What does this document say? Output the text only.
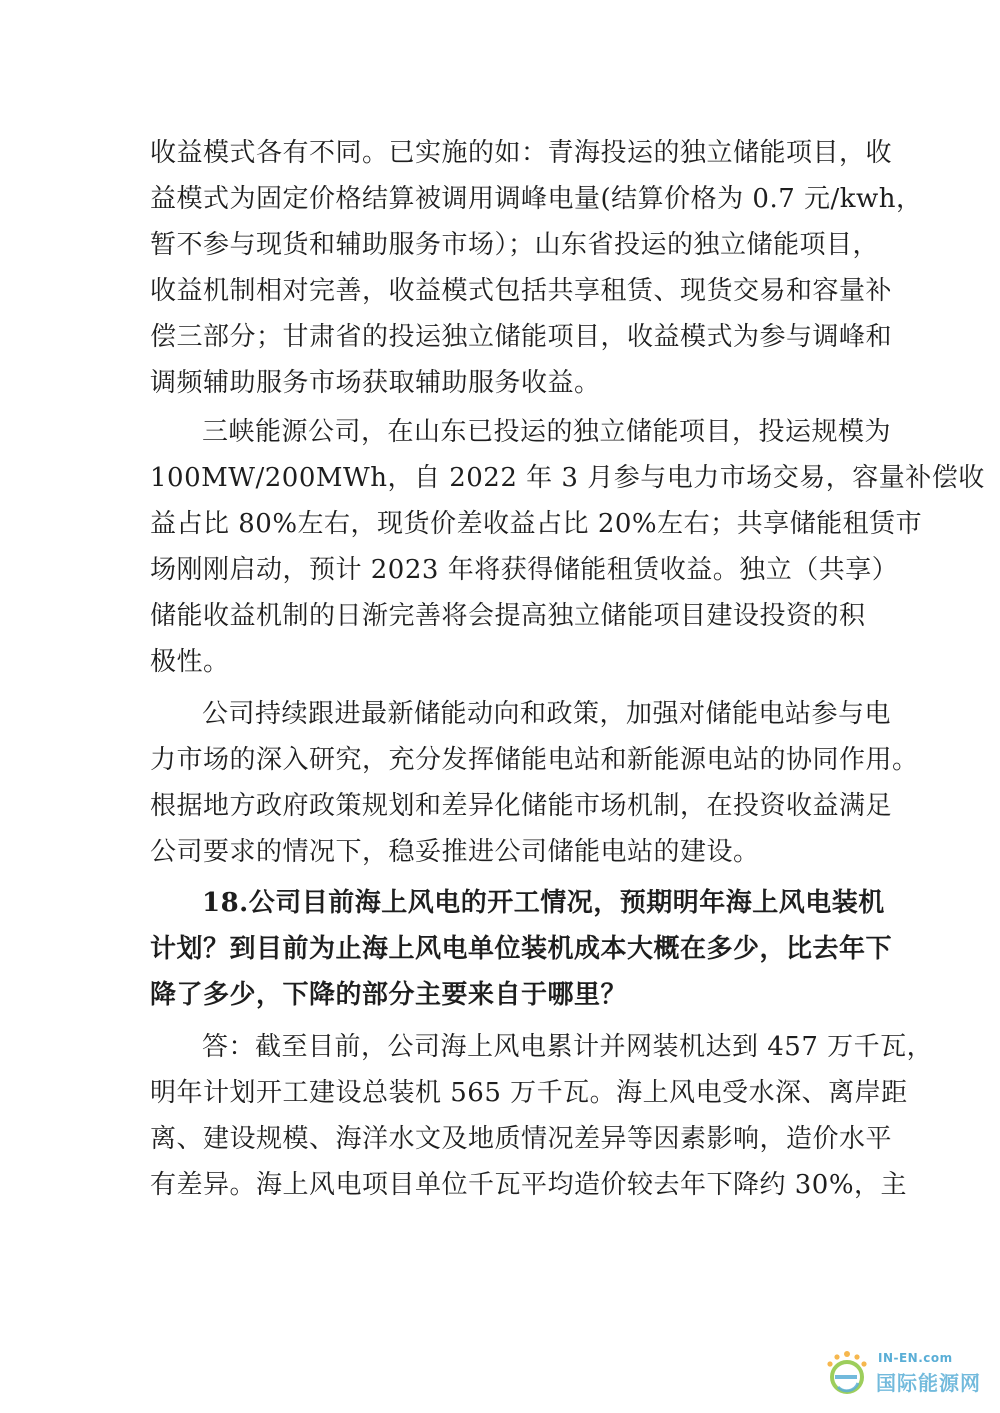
收益模式各有不同。已实施的如：青海投运的独立储能项目，收
益模式为固定价格结算被调用调峰电量(结算价格为 0.7 元/kwh，
暂不参与现货和辅助服务市场）；山东省投运的独立储能项目，
收益机制相对完善，收益模式包括共享租赁、现货交易和容量补
偿三部分；甘肃省的投运独立储能项目，收益模式为参与调峰和
调频辅助服务市场获取辅助服务收益。
三峡能源公司，在山东已投运的独立储能项目，投运规模为
100MW/200MWh，自 2022 年 3 月参与电力市场交易，容量补偿收
益占比 80%左右，现货价差收益占比 20%左右；共享储能租赁市
场刚刚启动，预计 2023 年将获得储能租赁收益。独立（共享）
储能收益机制的日渐完善将会提高独立储能项目建设投资的积
极性。
公司持续跟进最新储能动向和政策，加强对储能电站参与电
力市场的深入研究，充分发挥储能电站和新能源电站的协同作用。
根据地方政府政策规划和差异化储能市场机制，在投资收益满足
公司要求的情况下，稳妥推进公司储能电站的建设。
18.公司目前海上风电的开工情况，预期明年海上风电装机
计划？到目前为止海上风电单位装机成本大概在多少，比去年下
降了多少，下降的部分主要来自于哪里？
答：截至目前，公司海上风电累计并网装机达到 457 万千瓦，
明年计划开工建设总装机 565 万千瓦。海上风电受水深、离岸距
离、建设规模、海洋水文及地质情况差异等因素影响，造价水平
有差异。海上风电项目单位千瓦平均造价较去年下降约 30%，主
IN-EN.com
国际能源网
